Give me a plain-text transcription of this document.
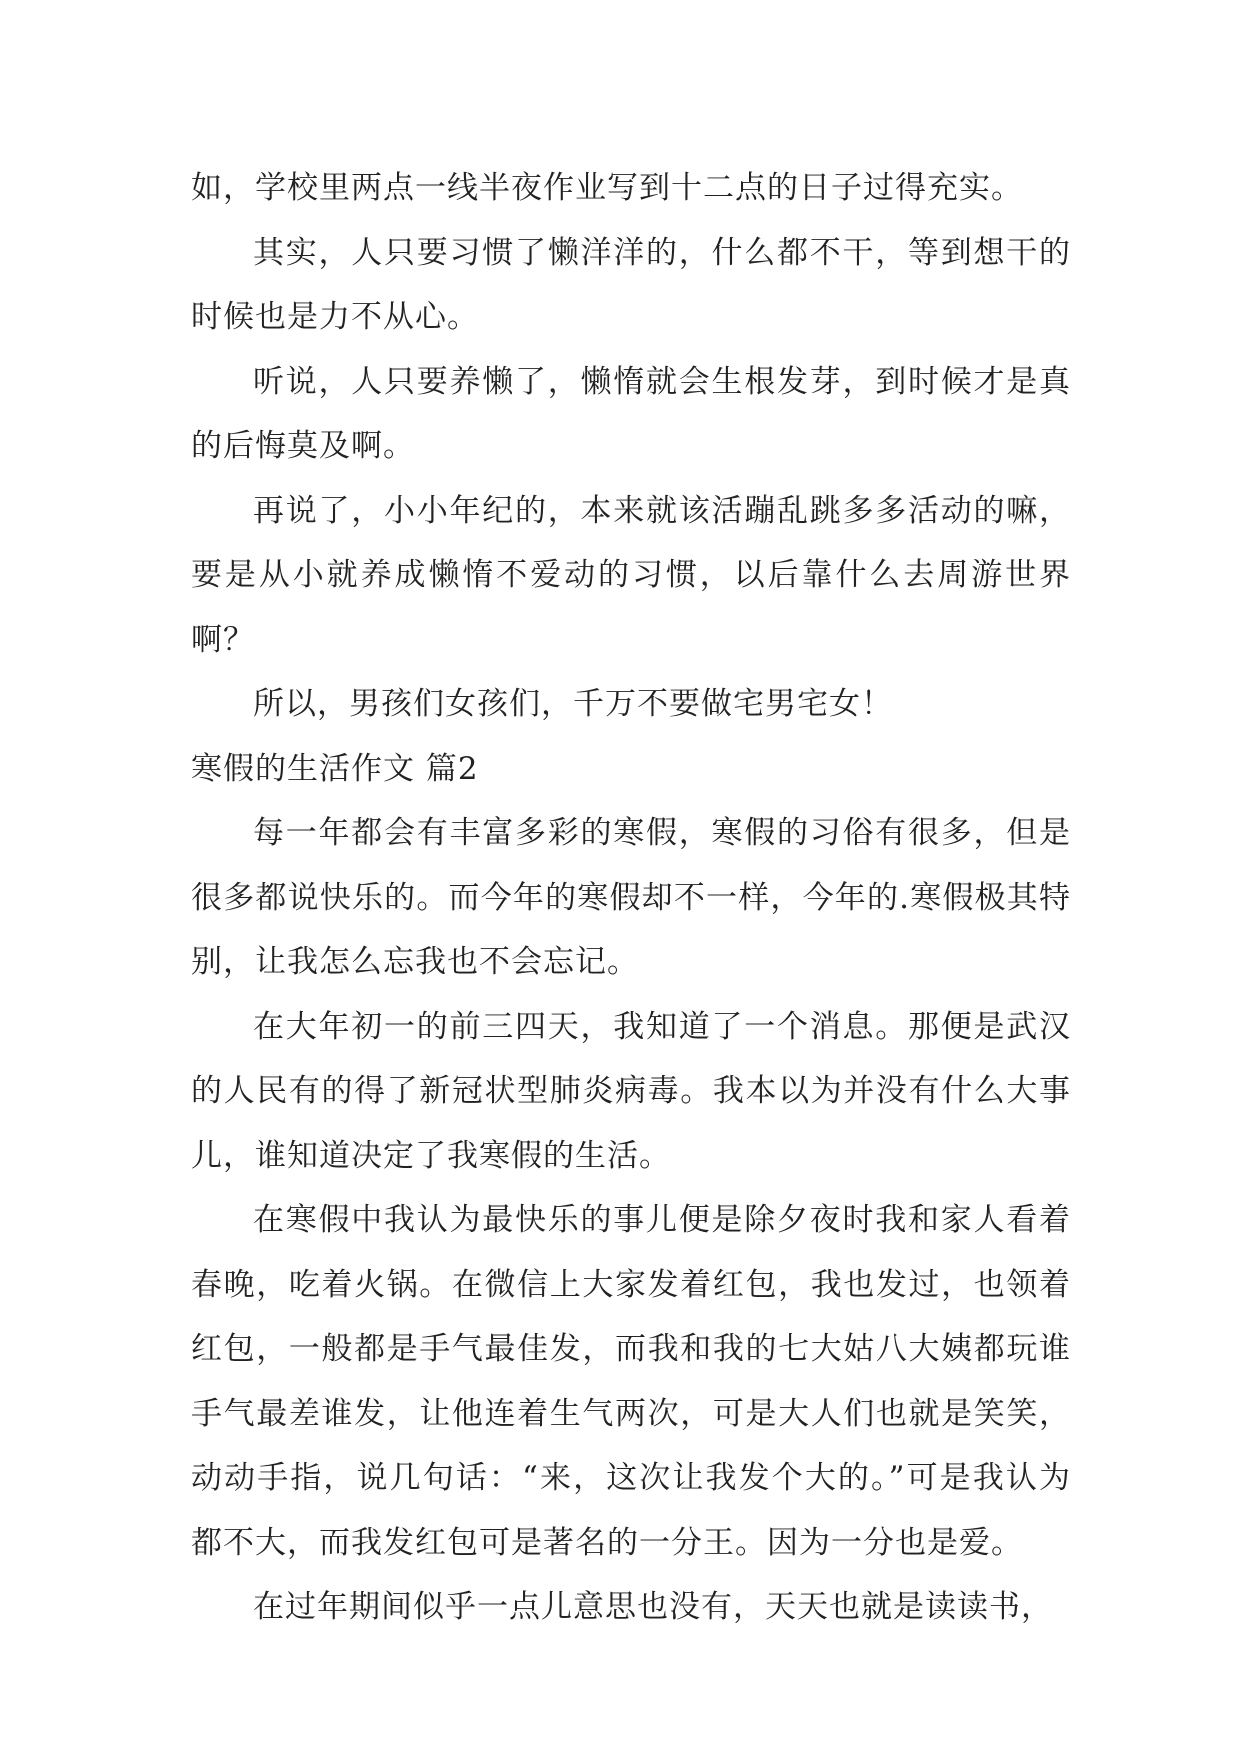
如，学校里两点一线半夜作业写到十二点的日子过得充实。

其实，人只要习惯了懒洋洋的，什么都不干，等到想干的时候也是力不从心。

听说，人只要养懒了，懒惰就会生根发芽，到时候才是真的后悔莫及啊。

再说了，小小年纪的，本来就该活蹦乱跳多多活动的嘛，要是从小就养成懒惰不爱动的习惯，以后靠什么去周游世界啊？

所以，男孩们女孩们，千万不要做宅男宅女！

寒假的生活作文 篇2

每一年都会有丰富多彩的寒假，寒假的习俗有很多，但是很多都说快乐的。而今年的寒假却不一样，今年的.寒假极其特别，让我怎么忘我也不会忘记。

在大年初一的前三四天，我知道了一个消息。那便是武汉的人民有的得了新冠状型肺炎病毒。我本以为并没有什么大事儿，谁知道决定了我寒假的生活。

在寒假中我认为最快乐的事儿便是除夕夜时我和家人看着春晚，吃着火锅。在微信上大家发着红包，我也发过，也领着红包，一般都是手气最佳发，而我和我的七大姑八大姨都玩谁手气最差谁发，让他连着生气两次，可是大人们也就是笑笑，动动手指，说几句话：“来，这次让我发个大的。”可是我认为都不大，而我发红包可是著名的一分王。因为一分也是爱。

在过年期间似乎一点儿意思也没有，天天也就是读读书，
